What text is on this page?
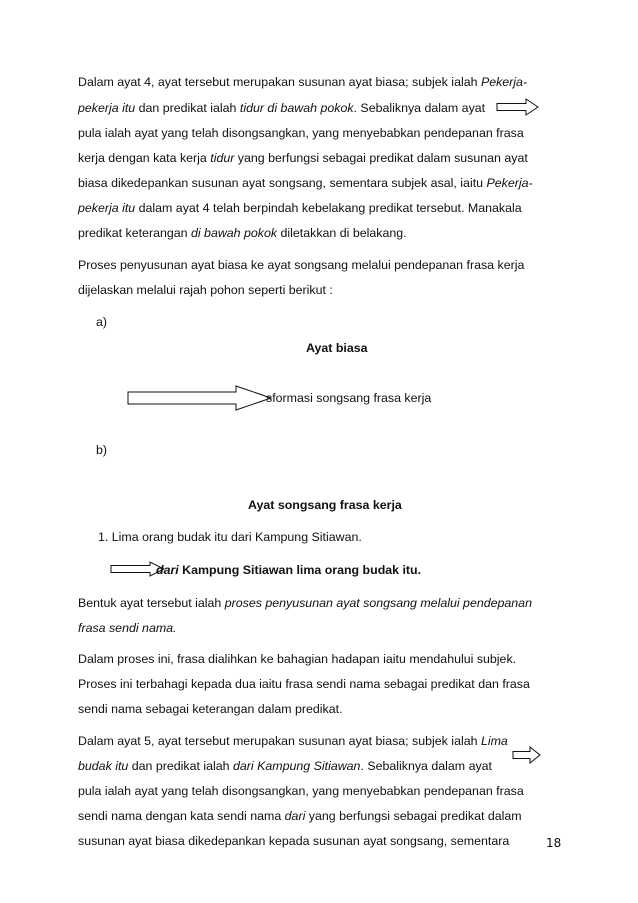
Dalam ayat 4, ayat tersebut merupakan susunan ayat biasa; subjek ialah Pekerja-
pekerja itu dan predikat ialah tidur di bawah pokok. Sebaliknya dalam ayat
pula ialah ayat yang telah disongsangkan, yang menyebabkan pendepanan frasa
kerja dengan kata kerja tidur yang berfungsi sebagai predikat dalam susunan ayat
biasa dikedepankan susunan ayat songsang, sementara subjek asal, iaitu Pekerja-
pekerja itu dalam ayat 4 telah berpindah kebelakang predikat tersebut. Manakala
predikat keterangan di bawah pokok diletakkan di belakang.
Proses penyusunan ayat biasa ke ayat songsang melalui pendepanan frasa kerja
dijelaskan melalui rajah pohon seperti berikut :
a)
Ayat biasa
sformasi songsang frasa kerja
b)
Ayat songsang frasa kerja
1. Lima orang budak itu dari Kampung Sitiawan.
dari Kampung Sitiawan lima orang budak itu.
Bentuk ayat tersebut ialah proses penyusunan ayat songsang melalui pendepanan
frasa sendi nama.
Dalam proses ini, frasa dialihkan ke bahagian hadapan iaitu mendahului subjek.
Proses ini terbahagi kepada dua iaitu frasa sendi nama sebagai predikat dan frasa
sendi nama sebagai keterangan dalam predikat.
Dalam ayat 5, ayat tersebut merupakan susunan ayat biasa; subjek ialah Lima
budak itu dan predikat ialah dari Kampung Sitiawan. Sebaliknya dalam ayat
pula ialah ayat yang telah disongsangkan, yang menyebabkan pendepanan frasa
sendi nama dengan kata sendi nama dari yang berfungsi sebagai predikat dalam
susunan ayat biasa dikedepankan kepada susunan ayat songsang, sementara	18
